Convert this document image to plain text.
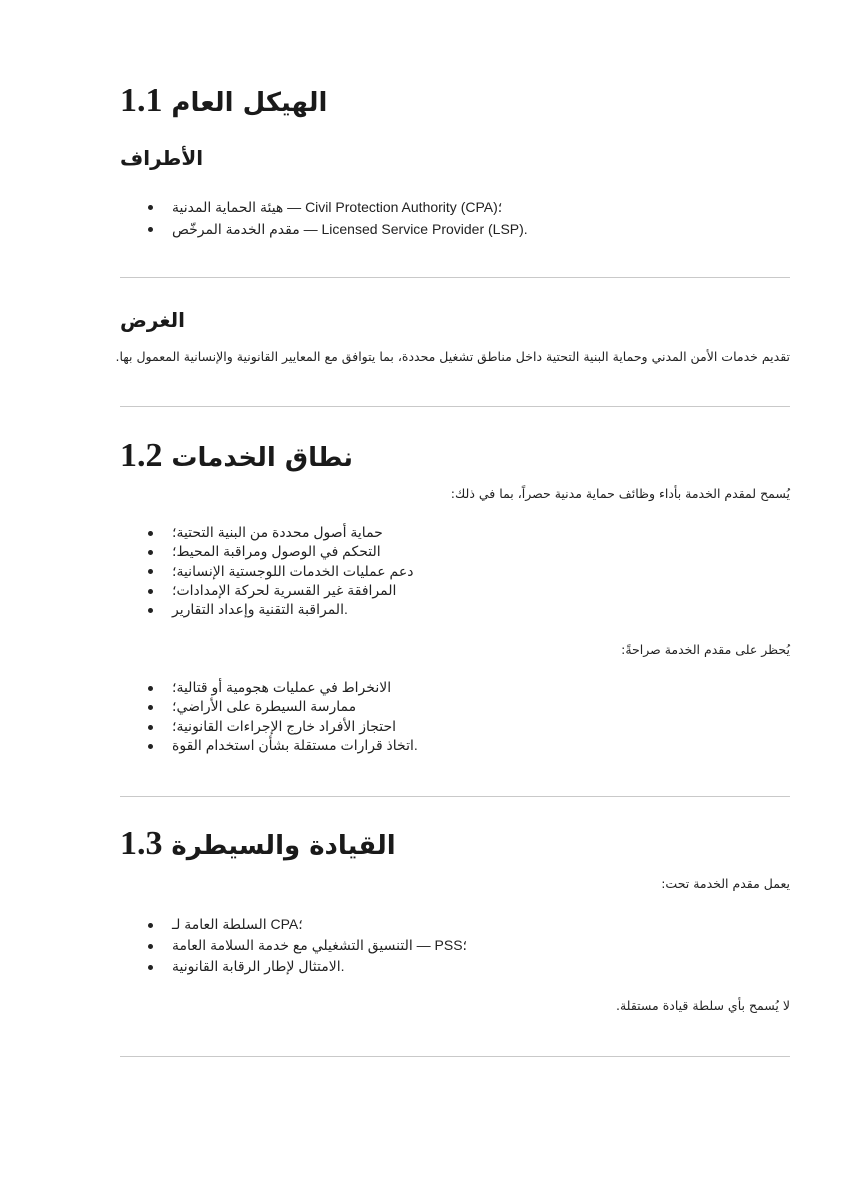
1.1 الهيكل العام
الأطراف
هيئة الحماية المدنية — Civil Protection Authority (CPA)؛
مقدم الخدمة المرخّص — Licensed Service Provider (LSP).
الغرض

تقديم خدمات الأمن المدني وحماية البنية التحتية داخل مناطق تشغيل محددة، بما يتوافق مع المعايير القانونية والإنسانية المعمول بها.

1.2 نطاق الخدمات

يُسمح لمقدم الخدمة بأداء وظائف حماية مدنية حصراً، بما في ذلك:

حماية أصول محددة من البنية التحتية؛
التحكم في الوصول ومراقبة المحيط؛
دعم عمليات الخدمات اللوجستية الإنسانية؛
المرافقة غير القسرية لحركة الإمدادات؛
المراقبة التقنية وإعداد التقارير.

يُحظر على مقدم الخدمة صراحةً:

الانخراط في عمليات هجومية أو قتالية؛
ممارسة السيطرة على الأراضي؛
احتجاز الأفراد خارج الإجراءات القانونية؛
اتخاذ قرارات مستقلة بشأن استخدام القوة.
1.3 القيادة والسيطرة

يعمل مقدم الخدمة تحت:

السلطة العامة لـ CPA؛
التنسيق التشغيلي مع خدمة السلامة العامة — PSS؛
الامتثال لإطار الرقابة القانونية.

لا يُسمح بأي سلطة قيادة مستقلة.
